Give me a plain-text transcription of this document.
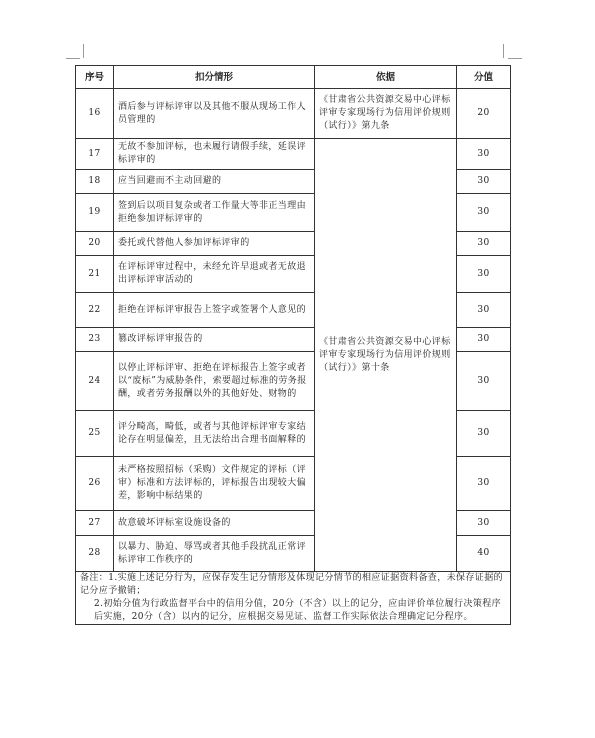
序号	扣分情形	依据	分值
16	酒后参与评标评审以及其他不服从现场工作人员管理的	《甘肃省公共资源交易中心评标评审专家现场行为信用评价规则（试行）》第九条	20
17	无故不参加评标，也未履行请假手续，延误评标评审的	《甘肃省公共资源交易中心评标评审专家现场行为信用评价规则（试行）》第十条	30
18	应当回避而不主动回避的		30
19	签到后以项目复杂或者工作量大等非正当理由拒绝参加评标评审的		30
20	委托或代替他人参加评标评审的		30
21	在评标评审过程中，未经允许早退或者无故退出评标评审活动的		30
22	拒绝在评标评审报告上签字或签署个人意见的		30
23	篡改评标评审报告的		30
24	以停止评标评审、拒绝在评标报告上签字或者以“废标”为威胁条件，索要超过标准的劳务报酬，或者劳务报酬以外的其他好处、财物的		30
25	评分畸高，畸低，或者与其他评标评审专家结论存在明显偏差，且无法给出合理书面解释的		30
26	未严格按照招标（采购）文件规定的评标（评审）标准和方法评标的，评标报告出现较大偏差，影响中标结果的		30
27	故意破坏评标室设施设备的		30
28	以暴力、胁迫、辱骂或者其他手段扰乱正常评标评审工作秩序的		40

备注：1.实施上述记分行为，应保存发生记分情形及体现记分情节的相应证据资料备查，未保存证据的记分应予撤销；
2.初始分值为行政监督平台中的信用分值，20分（不含）以上的记分，应由评价单位履行决策程序后实施，20分（含）以内的记分，应根据交易见证、监督工作实际依法合理确定记分程序。			
